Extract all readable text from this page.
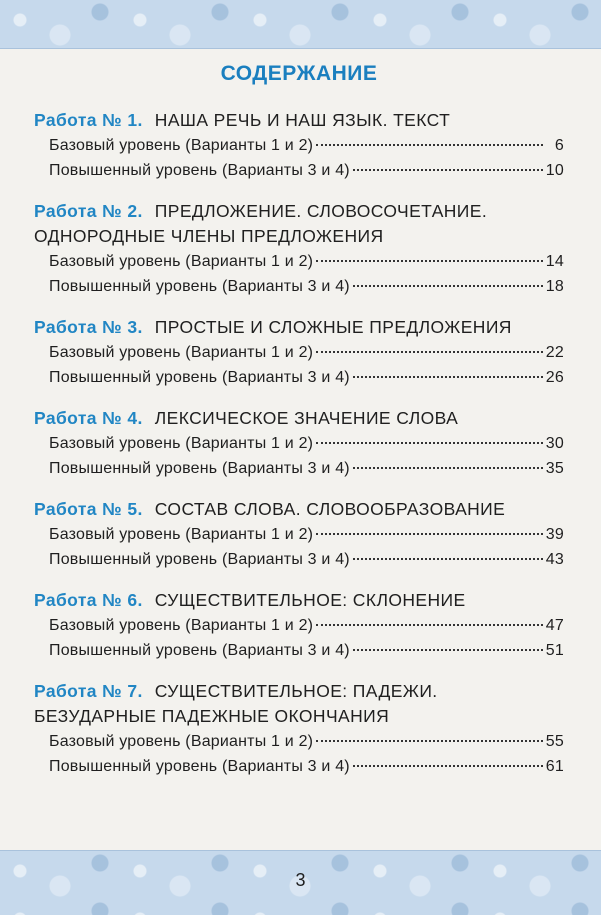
СОДЕРЖАНИЕ
Работа № 1. НАША РЕЧЬ И НАШ ЯЗЫК. ТЕКСТ
Базовый уровень (Варианты 1 и 2)	6
Повышенный уровень (Варианты 3 и 4)	10
Работа № 2. ПРЕДЛОЖЕНИЕ. СЛОВОСОЧЕТАНИЕ.
ОДНОРОДНЫЕ ЧЛЕНЫ ПРЕДЛОЖЕНИЯ
Базовый уровень (Варианты 1 и 2)	14
Повышенный уровень (Варианты 3 и 4)	18
Работа № 3. ПРОСТЫЕ И СЛОЖНЫЕ ПРЕДЛОЖЕНИЯ
Базовый уровень (Варианты 1 и 2)	22
Повышенный уровень (Варианты 3 и 4)	26
Работа № 4. ЛЕКСИЧЕСКОЕ ЗНАЧЕНИЕ СЛОВА
Базовый уровень (Варианты 1 и 2)	30
Повышенный уровень (Варианты 3 и 4)	35
Работа № 5. СОСТАВ СЛОВА. СЛОВООБРАЗОВАНИЕ
Базовый уровень (Варианты 1 и 2)	39
Повышенный уровень (Варианты 3 и 4)	43
Работа № 6. СУЩЕСТВИТЕЛЬНОЕ: СКЛОНЕНИЕ
Базовый уровень (Варианты 1 и 2)	47
Повышенный уровень (Варианты 3 и 4)	51
Работа № 7. СУЩЕСТВИТЕЛЬНОЕ: ПАДЕЖИ.
БЕЗУДАРНЫЕ ПАДЕЖНЫЕ ОКОНЧАНИЯ
Базовый уровень (Варианты 1 и 2)	55
Повышенный уровень (Варианты 3 и 4)	61
3
